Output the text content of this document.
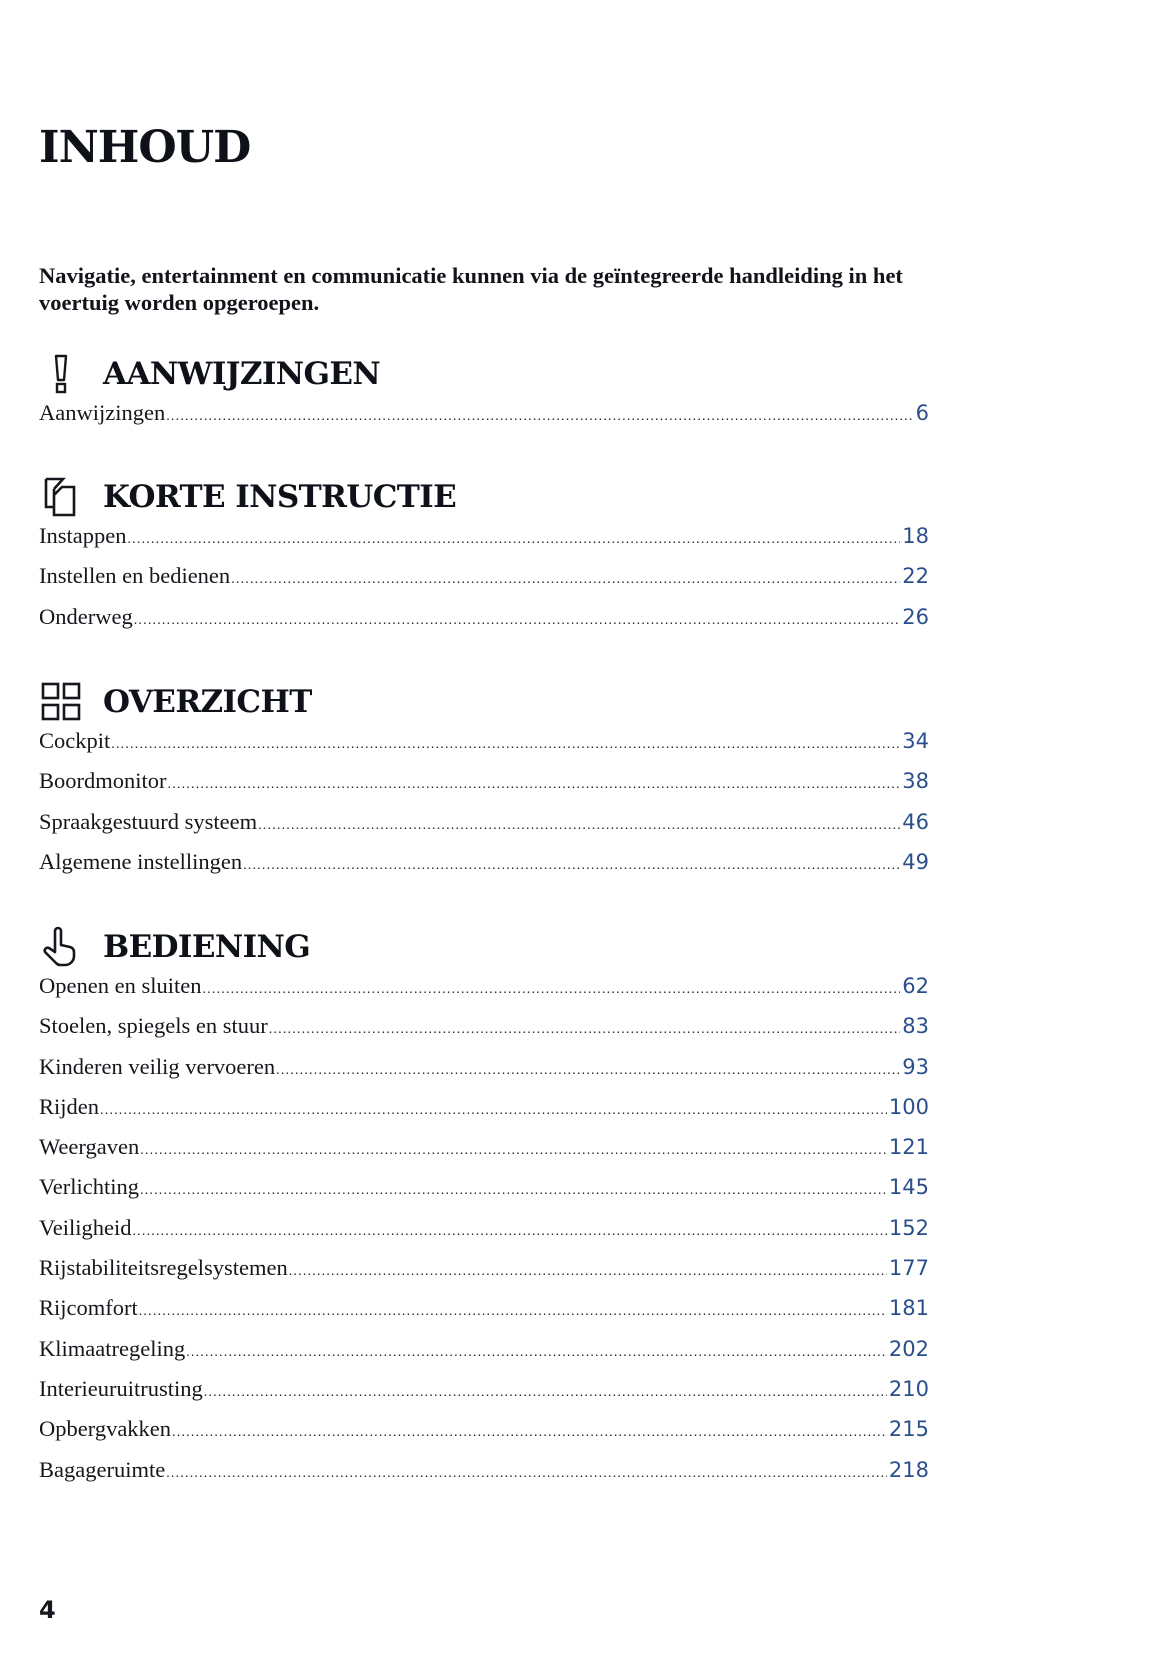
INHOUD

Navigatie, entertainment en communicatie kunnen via de geïntegreerde handleiding in het voertuig worden opgeroepen.

AANWIJZINGEN
Aanwijzingen .....	6
KORTE INSTRUCTIE
Instappen .....	18
Instellen en bedienen .....	22
Onderweg .....	26
OVERZICHT
Cockpit .....	34
Boordmonitor .....	38
Spraakgestuurd systeem .....	46
Algemene instellingen .....	49
BEDIENING
Openen en sluiten .....	62
Stoelen, spiegels en stuur .....	83
Kinderen veilig vervoeren .....	93
Rijden .....	100
Weergaven .....	121
Verlichting .....	145
Veiligheid .....	152
Rijstabiliteitsregelsystemen .....	177
Rijcomfort .....	181
Klimaatregeling .....	202
Interieuruitrusting .....	210
Opbergvakken .....	215
Bagageruimte .....	218
4
